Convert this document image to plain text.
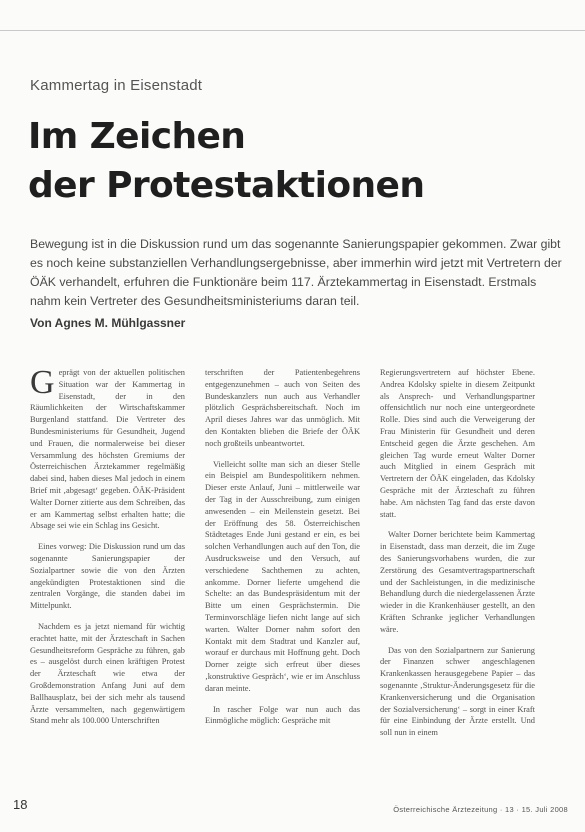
Kammertag in Eisenstadt
Im Zeichen
der Protestaktionen
Bewegung ist in die Diskussion rund um das sogenannte Sanierungspapier gekommen. Zwar gibt es noch keine substanziellen Verhandlungsergebnisse, aber immerhin wird jetzt mit Vertretern der ÖÄK verhandelt, erfuhren die Funktionäre beim 117. Ärztekammertag in Eisenstadt. Erstmals nahm kein Vertreter des Gesundheitsministeriums daran teil.
Von Agnes M. Mühlgassner

Geprägt von der aktuellen politischen Situation war der Kammertag in Eisenstadt, der in den Räumlichkeiten der Wirtschaftskammer Burgenland stattfand. Die Vertreter des Bundesministeriums für Gesundheit, Jugend und Frauen, die normalerweise bei dieser Versammlung des höchsten Gremiums der Österreichischen Ärztekammer regelmäßig dabei sind, haben dieses Mal jedoch in einem Brief mit ‚abgesagt‘ gegeben. ÖÄK-Präsident Walter Dorner zitierte aus dem Schreiben, das er am Kammertag selbst erhalten hatte; die Absage sei wie ein Schlag ins Gesicht.

Eines vorweg: Die Diskussion rund um das sogenannte Sanierungspapier der Sozialpartner sowie die von den Ärzten angekündigten Protestaktionen sind die zentralen Vorgänge, die standen dabei im Mittelpunkt.

Nachdem es ja jetzt niemand für wichtig erachtet hatte, mit der Ärzteschaft in Sachen Gesundheitsreform Gespräche zu führen, gab es – ausgelöst durch einen kräftigen Protest der Ärzteschaft wie etwa der Großdemonstration Anfang Juni auf dem Ballhausplatz, bei der sich mehr als tausend Ärzte versammelten, nach gegenwärtigem Stand mehr als 100.000 Unterschriften

terschriften der Patientenbegehrens entgegenzunehmen – auch von Seiten des Bundeskanzlers nun auch aus Verhandler plötzlich Gesprächsbereitschaft. Noch im April dieses Jahres war das unmöglich. Mit den Kontakten blieben die Briefe der ÖÄK noch großteils unbeantwortet.

Vielleicht sollte man sich an dieser Stelle ein Beispiel am Bundespolitikern nehmen. Dieser erste Anlauf, Juni – mittlerweile war der Tag in der Ausschreibung, zum einigen anwesenden – ein Meilenstein gesetzt. Bei der Eröffnung des 58. Österreichischen Städtetages Ende Juni gestand er ein, es bei solchen Verhandlungen auch auf den Ton, die Ausdrucksweise und den Versuch, auf verschiedene Sachthemen zu achten, ankomme. Dorner lieferte umgehend die Schelte: an das Bundespräsidentum mit der Bitte um einen Gesprächstermin. Die Terminvorschläge liefen nicht lange auf sich warten. Walter Dorner nahm sofort den Kontakt mit dem Stadtrat und Kanzler auf, worauf er durchaus mit Hoffnung geht. Doch Dorner zeigte sich erfreut über dieses ‚konstruktive Gespräch‘, wie er im Anschluss daran meinte.

In rascher Folge war nun auch das Einmögliche möglich: Gespräche mit

Regierungsvertretern auf höchster Ebene. Andrea Kdolsky spielte in diesem Zeitpunkt als Ansprech- und Verhandlungspartner offensichtlich nur noch eine untergeordnete Rolle. Dies sind auch die Verweigerung der Frau Ministerin für Gesundheit und deren Entscheid gegen die Ärzte geschehen. Am gleichen Tag wurde erneut Walter Dorner auch Mitglied in einem Gespräch mit Vertretern der ÖÄK eingeladen, das Kdolsky Gespräche mit der Ärzteschaft zu führen habe. Am nächsten Tag fand das erste davon statt.

Walter Dorner berichtete beim Kammertag in Eisenstadt, dass man derzeit, die im Zuge des Sanierungsvorhabens wurden, die zur Zerstörung des Gesamtvertragspartnerschaft und der Sachleistungen, in die medizinische Behandlung durch die niedergelassenen Ärzte wieder in die Krankenhäuser gestellt, an den Kräften Schranke jeglicher Verhandlungen wäre.

Das von den Sozialpartnern zur Sanierung der Finanzen schwer angeschlagenen Krankenkassen herausgegebene Papier – das sogenannte ‚Struktur-Änderungsgesetz für die Krankenversicherung und die Organisation der Sozialversicherung‘ – sorgt in einer Kraft für eine Einbindung der Ärzte erstellt. Und soll nun in einem

18	Österreichische Ärztezeitung · 13 · 15. Juli 2008
